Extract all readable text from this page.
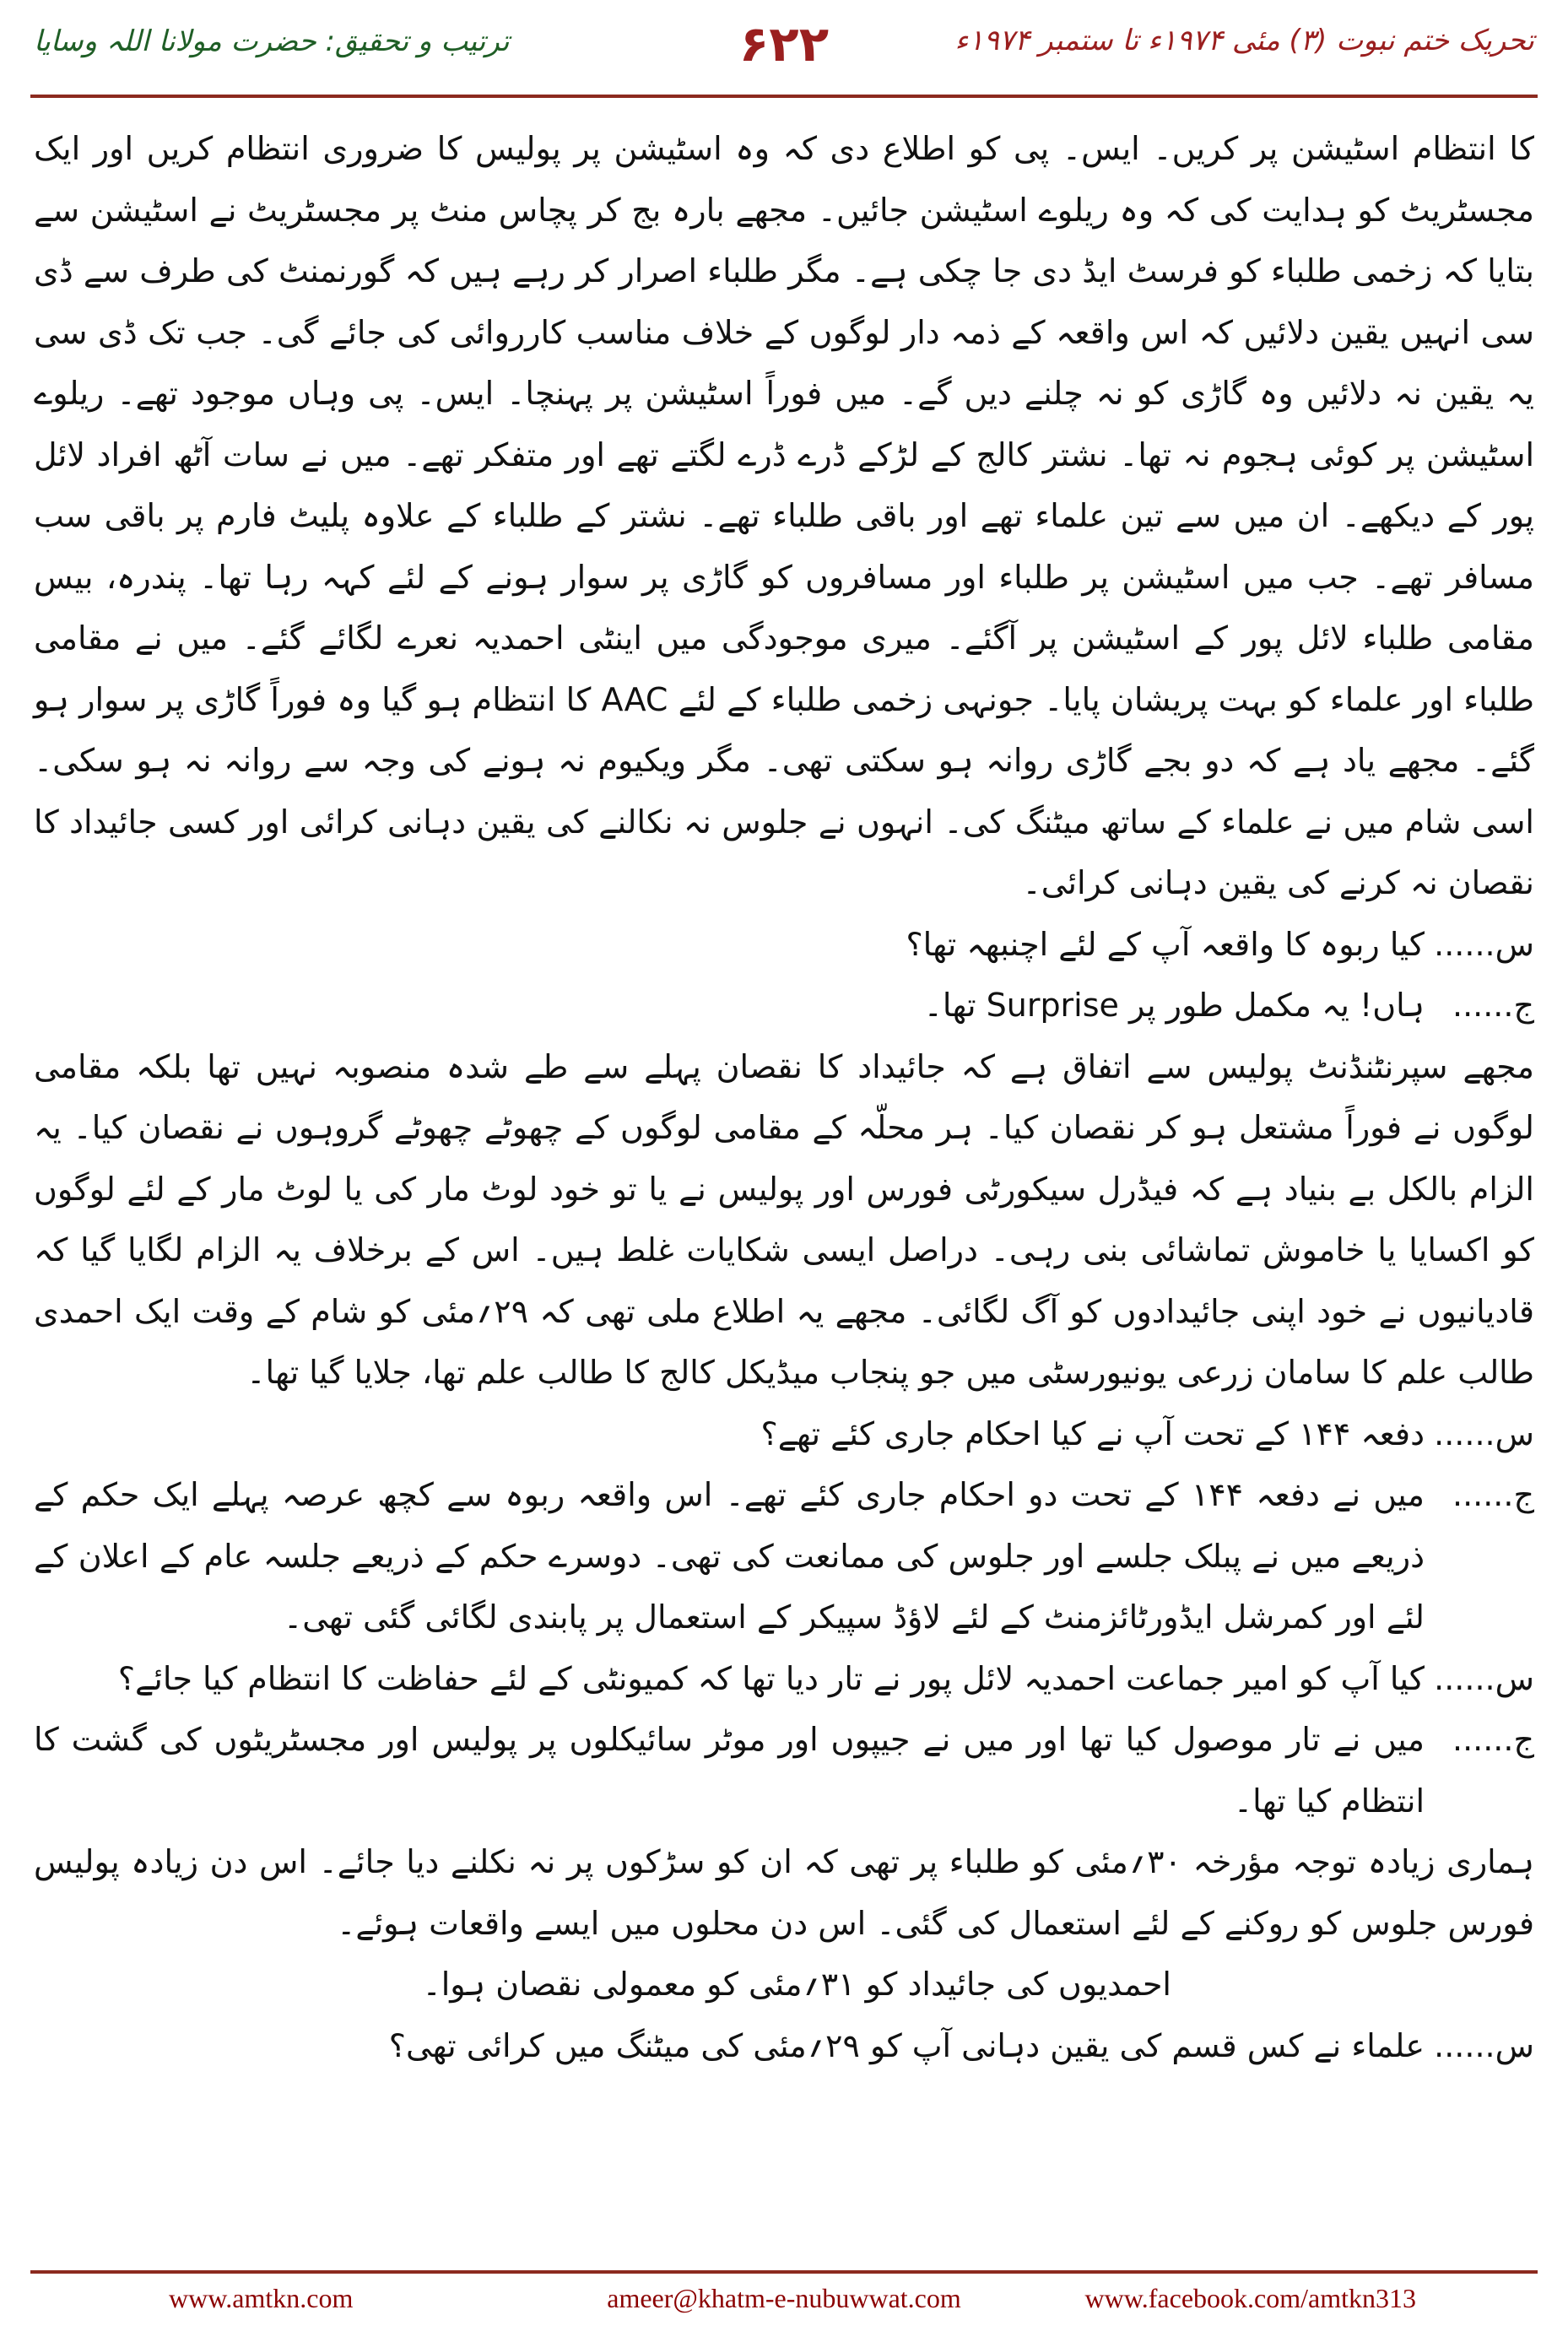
تحریک ختم نبوت (۳) مئی ۱۹۷۴ء تا ستمبر ۱۹۷۴ء
۶۲۲
ترتیب و تحقیق: حضرت مولانا اللہ وسایا

کا انتظام اسٹیشن پر کریں۔ ایس۔ پی کو اطلاع دی کہ وہ اسٹیشن پر پولیس کا ضروری انتظام کریں اور ایک مجسٹریٹ کو ہدایت کی کہ وہ ریلوے اسٹیشن جائیں۔ مجھے بارہ بج کر پچاس منٹ پر مجسٹریٹ نے اسٹیشن سے بتایا کہ زخمی طلباء کو فرسٹ ایڈ دی جا چکی ہے۔ مگر طلباء اصرار کر رہے ہیں کہ گورنمنٹ کی طرف سے ڈی سی انہیں یقین دلائیں کہ اس واقعہ کے ذمہ دار لوگوں کے خلاف مناسب کارروائی کی جائے گی۔ جب تک ڈی سی یہ یقین نہ دلائیں وہ گاڑی کو نہ چلنے دیں گے۔ میں فوراً اسٹیشن پر پہنچا۔ ایس۔ پی وہاں موجود تھے۔ ریلوے اسٹیشن پر کوئی ہجوم نہ تھا۔ نشتر کالج کے لڑکے ڈرے ڈرے لگتے تھے اور متفکر تھے۔ میں نے سات آٹھ افراد لائل پور کے دیکھے۔ ان میں سے تین علماء تھے اور باقی طلباء تھے۔ نشتر کے طلباء کے علاوہ پلیٹ فارم پر باقی سب مسافر تھے۔ جب میں اسٹیشن پر طلباء اور مسافروں کو گاڑی پر سوار ہونے کے لئے کہہ رہا تھا۔ پندرہ، بیس مقامی طلباء لائل پور کے اسٹیشن پر آگئے۔ میری موجودگی میں اینٹی احمدیہ نعرے لگائے گئے۔ میں نے مقامی طلباء اور علماء کو بہت پریشان پایا۔ جونہی زخمی طلباء کے لئے AAC کا انتظام ہو گیا وہ فوراً گاڑی پر سوار ہو گئے۔ مجھے یاد ہے کہ دو بجے گاڑی روانہ ہو سکتی تھی۔ مگر ویکیوم نہ ہونے کی وجہ سے روانہ نہ ہو سکی۔ اسی شام میں نے علماء کے ساتھ میٹنگ کی۔ انہوں نے جلوس نہ نکالنے کی یقین دہانی کرائی اور کسی جائیداد کا نقصان نہ کرنے کی یقین دہانی کرائی۔

س......
کیا ربوہ کا واقعہ آپ کے لئے اچنبھہ تھا؟
ج......
ہاں! یہ مکمل طور پر Surprise تھا۔

مجھے سپرنٹنڈنٹ پولیس سے اتفاق ہے کہ جائیداد کا نقصان پہلے سے طے شدہ منصوبہ نہیں تھا بلکہ مقامی لوگوں نے فوراً مشتعل ہو کر نقصان کیا۔ ہر محلّہ کے مقامی لوگوں کے چھوٹے چھوٹے گروہوں نے نقصان کیا۔ یہ الزام بالکل بے بنیاد ہے کہ فیڈرل سیکورٹی فورس اور پولیس نے یا تو خود لوٹ مار کی یا لوٹ مار کے لئے لوگوں کو اکسایا یا خاموش تماشائی بنی رہی۔ دراصل ایسی شکایات غلط ہیں۔ اس کے برخلاف یہ الزام لگایا گیا کہ قادیانیوں نے خود اپنی جائیدادوں کو آگ لگائی۔ مجھے یہ اطلاع ملی تھی کہ ۲۹؍مئی کو شام کے وقت ایک احمدی طالب علم کا سامان زرعی یونیورسٹی میں جو پنجاب میڈیکل کالج کا طالب علم تھا، جلایا گیا تھا۔

س......
دفعہ ۱۴۴ کے تحت آپ نے کیا احکام جاری کئے تھے؟
ج......
میں نے دفعہ ۱۴۴ کے تحت دو احکام جاری کئے تھے۔ اس واقعہ ربوہ سے کچھ عرصہ پہلے ایک حکم کے ذریعے میں نے پبلک جلسے اور جلوس کی ممانعت کی تھی۔ دوسرے حکم کے ذریعے جلسہ عام کے اعلان کے لئے اور کمرشل ایڈورٹائزمنٹ کے لئے لاؤڈ سپیکر کے استعمال پر پابندی لگائی گئی تھی۔
س......
کیا آپ کو امیر جماعت احمدیہ لائل پور نے تار دیا تھا کہ کمیونٹی کے لئے حفاظت کا انتظام کیا جائے؟
ج......
میں نے تار موصول کیا تھا اور میں نے جیپوں اور موٹر سائیکلوں پر پولیس اور مجسٹریٹوں کی گشت کا انتظام کیا تھا۔

ہماری زیادہ توجہ مؤرخہ ۳۰؍مئی کو طلباء پر تھی کہ ان کو سڑکوں پر نہ نکلنے دیا جائے۔ اس دن زیادہ پولیس فورس جلوس کو روکنے کے لئے استعمال کی گئی۔ اس دن محلوں میں ایسے واقعات ہوئے۔

احمدیوں کی جائیداد کو ۳۱؍مئی کو معمولی نقصان ہوا۔

س......
علماء نے کس قسم کی یقین دہانی آپ کو ۲۹؍مئی کی میٹنگ میں کرائی تھی؟
www.amtkn.com	ameer@khatm-e-nubuwwat.com	www.facebook.com/amtkn313
